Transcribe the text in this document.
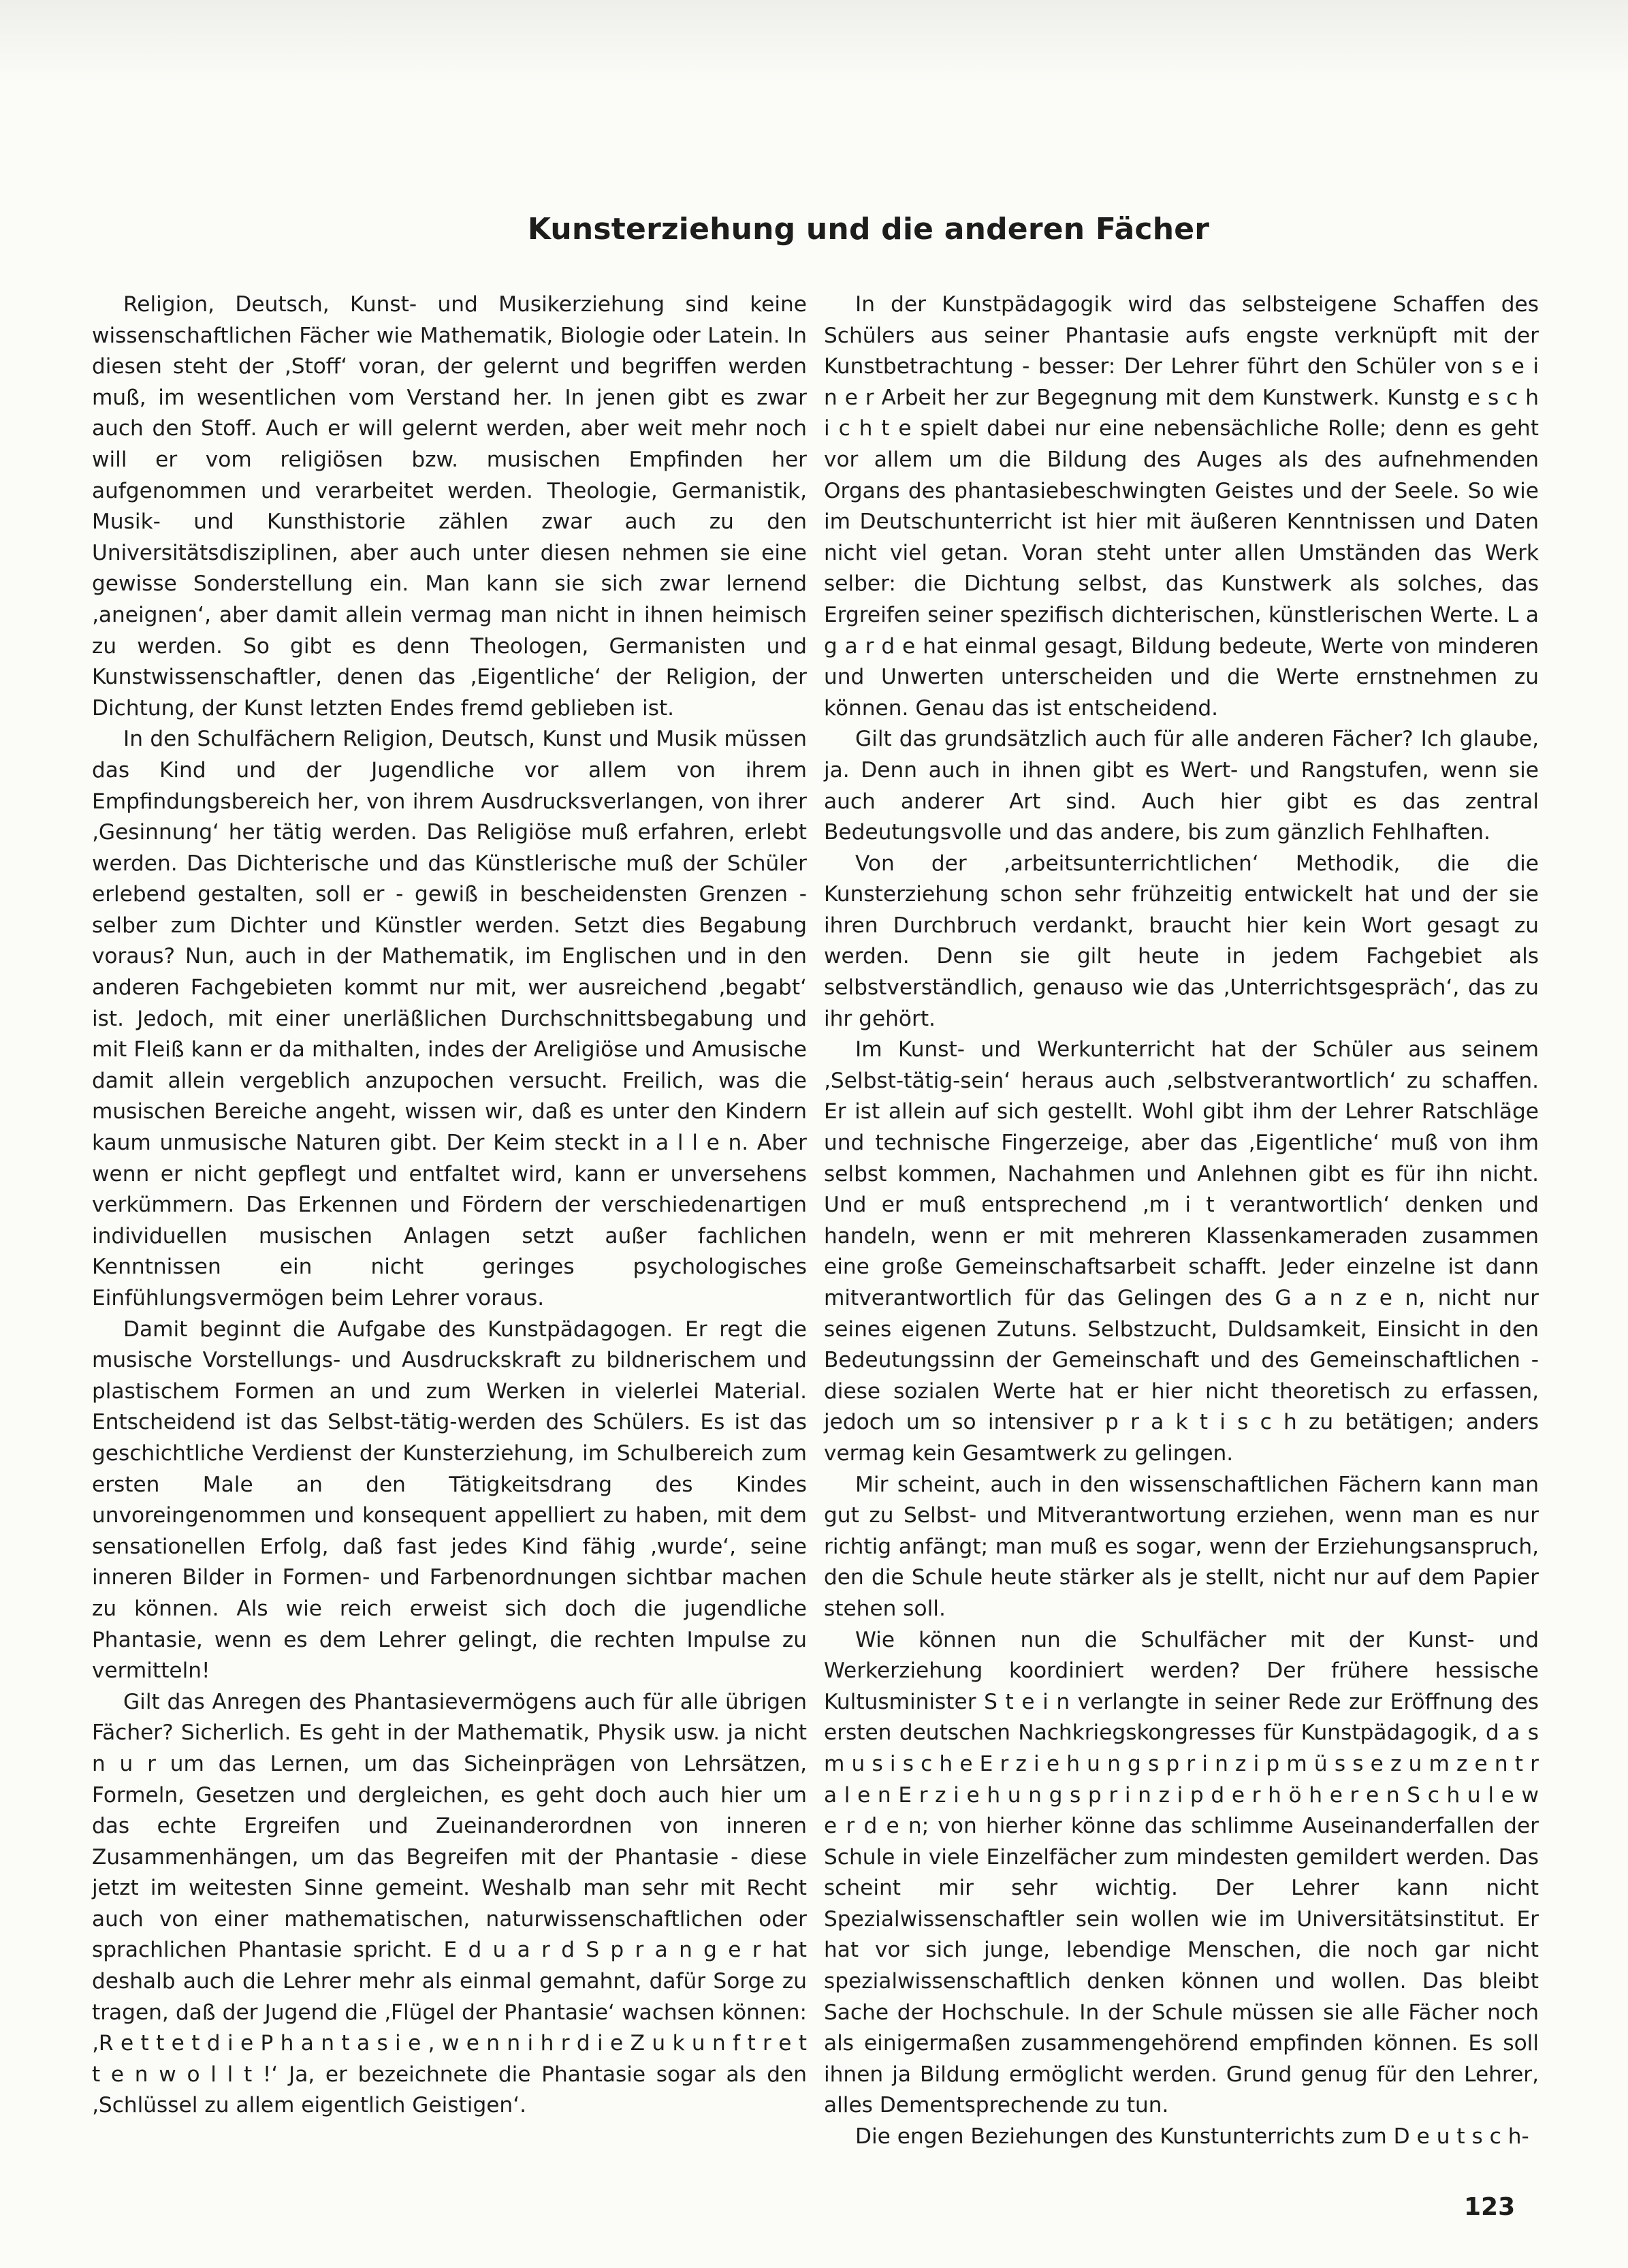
Kunsterziehung und die anderen Fächer

Religion, Deutsch, Kunst- und Musikerziehung sind keine wissenschaftlichen Fächer wie Mathematik, Biologie oder Latein. In diesen steht der ‚Stoff‘ voran, der gelernt und begriffen werden muß, im wesentlichen vom Verstand her. In jenen gibt es zwar auch den Stoff. Auch er will gelernt werden, aber weit mehr noch will er vom religiösen bzw. musischen Empfinden her aufgenommen und verarbeitet werden. Theologie, Germanistik, Musik- und Kunsthistorie zählen zwar auch zu den Universitätsdisziplinen, aber auch unter diesen nehmen sie eine gewisse Sonderstellung ein. Man kann sie sich zwar lernend ‚aneignen‘, aber damit allein vermag man nicht in ihnen heimisch zu werden. So gibt es denn Theologen, Germanisten und Kunstwissenschaftler, denen das ‚Eigentliche‘ der Religion, der Dichtung, der Kunst letzten Endes fremd geblieben ist.

In den Schulfächern Religion, Deutsch, Kunst und Musik müssen das Kind und der Jugendliche vor allem von ihrem Empfindungsbereich her, von ihrem Ausdrucksverlangen, von ihrer ‚Gesinnung‘ her tätig werden. Das Religiöse muß erfahren, erlebt werden. Das Dichterische und das Künstlerische muß der Schüler erlebend gestalten, soll er - gewiß in bescheidensten Grenzen - selber zum Dichter und Künstler werden. Setzt dies Begabung voraus? Nun, auch in der Mathematik, im Englischen und in den anderen Fachgebieten kommt nur mit, wer ausreichend ‚begabt‘ ist. Jedoch, mit einer unerläßlichen Durchschnittsbegabung und mit Fleiß kann er da mithalten, indes der Areligiöse und Amusische damit allein vergeblich anzupochen versucht. Freilich, was die musischen Bereiche angeht, wissen wir, daß es unter den Kindern kaum unmusische Naturen gibt. Der Keim steckt in a l l e n. Aber wenn er nicht gepflegt und entfaltet wird, kann er unversehens verkümmern. Das Erkennen und Fördern der verschiedenartigen individuellen musischen Anlagen setzt außer fachlichen Kenntnissen ein nicht geringes psychologisches Einfühlungsvermögen beim Lehrer voraus.

Damit beginnt die Aufgabe des Kunstpädagogen. Er regt die musische Vorstellungs- und Ausdruckskraft zu bildnerischem und plastischem Formen an und zum Werken in vielerlei Material. Entscheidend ist das Selbst-tätig-werden des Schülers. Es ist das geschichtliche Verdienst der Kunsterziehung, im Schulbereich zum ersten Male an den Tätigkeitsdrang des Kindes unvoreingenommen und konsequent appelliert zu haben, mit dem sensationellen Erfolg, daß fast jedes Kind fähig ‚wurde‘, seine inneren Bilder in Formen- und Farbenordnungen sichtbar machen zu können. Als wie reich erweist sich doch die jugendliche Phantasie, wenn es dem Lehrer gelingt, die rechten Impulse zu vermitteln!

Gilt das Anregen des Phantasievermögens auch für alle übrigen Fächer? Sicherlich. Es geht in der Mathematik, Physik usw. ja nicht n u r um das Lernen, um das Sicheinprägen von Lehrsätzen, Formeln, Gesetzen und dergleichen, es geht doch auch hier um das echte Ergreifen und Zueinanderordnen von inneren Zusammenhängen, um das Begreifen mit der Phantasie - diese jetzt im weitesten Sinne gemeint. Weshalb man sehr mit Recht auch von einer mathematischen, naturwissenschaftlichen oder sprachlichen Phantasie spricht. E d u a r d S p r a n g e r hat deshalb auch die Lehrer mehr als einmal gemahnt, dafür Sorge zu tragen, daß der Jugend die ‚Flügel der Phantasie‘ wachsen können: ‚R e t t e t d i e P h a n t a s i e , w e n n i h r d i e Z u k u n f t r e t t e n w o l l t !‘ Ja, er bezeichnete die Phantasie sogar als den ‚Schlüssel zu allem eigentlich Geistigen‘.

In der Kunstpädagogik wird das selbsteigene Schaffen des Schülers aus seiner Phantasie aufs engste verknüpft mit der Kunstbetrachtung - besser: Der Lehrer führt den Schüler von s e i n e r Arbeit her zur Begegnung mit dem Kunstwerk. Kunstg e s c h i c h t e spielt dabei nur eine nebensächliche Rolle; denn es geht vor allem um die Bildung des Auges als des aufnehmenden Organs des phantasiebeschwingten Geistes und der Seele. So wie im Deutschunterricht ist hier mit äußeren Kenntnissen und Daten nicht viel getan. Voran steht unter allen Umständen das Werk selber: die Dichtung selbst, das Kunstwerk als solches, das Ergreifen seiner spezifisch dichterischen, künstlerischen Werte. L a g a r d e hat einmal gesagt, Bildung bedeute, Werte von minderen und Unwerten unterscheiden und die Werte ernstnehmen zu können. Genau das ist entscheidend.

Gilt das grundsätzlich auch für alle anderen Fächer? Ich glaube, ja. Denn auch in ihnen gibt es Wert- und Rangstufen, wenn sie auch anderer Art sind. Auch hier gibt es das zentral Bedeutungsvolle und das andere, bis zum gänzlich Fehlhaften.

Von der ‚arbeitsunterrichtlichen‘ Methodik, die die Kunsterziehung schon sehr frühzeitig entwickelt hat und der sie ihren Durchbruch verdankt, braucht hier kein Wort gesagt zu werden. Denn sie gilt heute in jedem Fachgebiet als selbstverständlich, genauso wie das ‚Unterrichtsgespräch‘, das zu ihr gehört.

Im Kunst- und Werkunterricht hat der Schüler aus seinem ‚Selbst-tätig-sein‘ heraus auch ‚selbstverantwortlich‘ zu schaffen. Er ist allein auf sich gestellt. Wohl gibt ihm der Lehrer Ratschläge und technische Fingerzeige, aber das ‚Eigentliche‘ muß von ihm selbst kommen, Nachahmen und Anlehnen gibt es für ihn nicht. Und er muß entsprechend ‚m i t verantwortlich‘ denken und handeln, wenn er mit mehreren Klassenkameraden zusammen eine große Gemeinschaftsarbeit schafft. Jeder einzelne ist dann mitverantwortlich für das Gelingen des G a n z e n, nicht nur seines eigenen Zutuns. Selbstzucht, Duldsamkeit, Einsicht in den Bedeutungssinn der Gemeinschaft und des Gemeinschaftlichen - diese sozialen Werte hat er hier nicht theoretisch zu erfassen, jedoch um so intensiver p r a k t i s c h zu betätigen; anders vermag kein Gesamtwerk zu gelingen.

Mir scheint, auch in den wissenschaftlichen Fächern kann man gut zu Selbst- und Mitverantwortung erziehen, wenn man es nur richtig anfängt; man muß es sogar, wenn der Erziehungsanspruch, den die Schule heute stärker als je stellt, nicht nur auf dem Papier stehen soll.

Wie können nun die Schulfächer mit der Kunst- und Werkerziehung koordiniert werden? Der frühere hessische Kultusminister S t e i n verlangte in seiner Rede zur Eröffnung des ersten deutschen Nachkriegskongresses für Kunstpädagogik, d a s m u s i s c h e E r z i e h u n g s p r i n z i p m ü s s e z u m z e n t r a l e n E r z i e h u n g s p r i n z i p d e r h ö h e r e n S c h u l e w e r d e n; von hierher könne das schlimme Auseinanderfallen der Schule in viele Einzelfächer zum mindesten gemildert werden. Das scheint mir sehr wichtig. Der Lehrer kann nicht Spezialwissenschaftler sein wollen wie im Universitätsinstitut. Er hat vor sich junge, lebendige Menschen, die noch gar nicht spezialwissenschaftlich denken können und wollen. Das bleibt Sache der Hochschule. In der Schule müssen sie alle Fächer noch als einigermaßen zusammengehörend empfinden können. Es soll ihnen ja Bildung ermöglicht werden. Grund genug für den Lehrer, alles Dementsprechende zu tun.

Die engen Beziehungen des Kunstunterrichts zum D e u t s c h-

123
